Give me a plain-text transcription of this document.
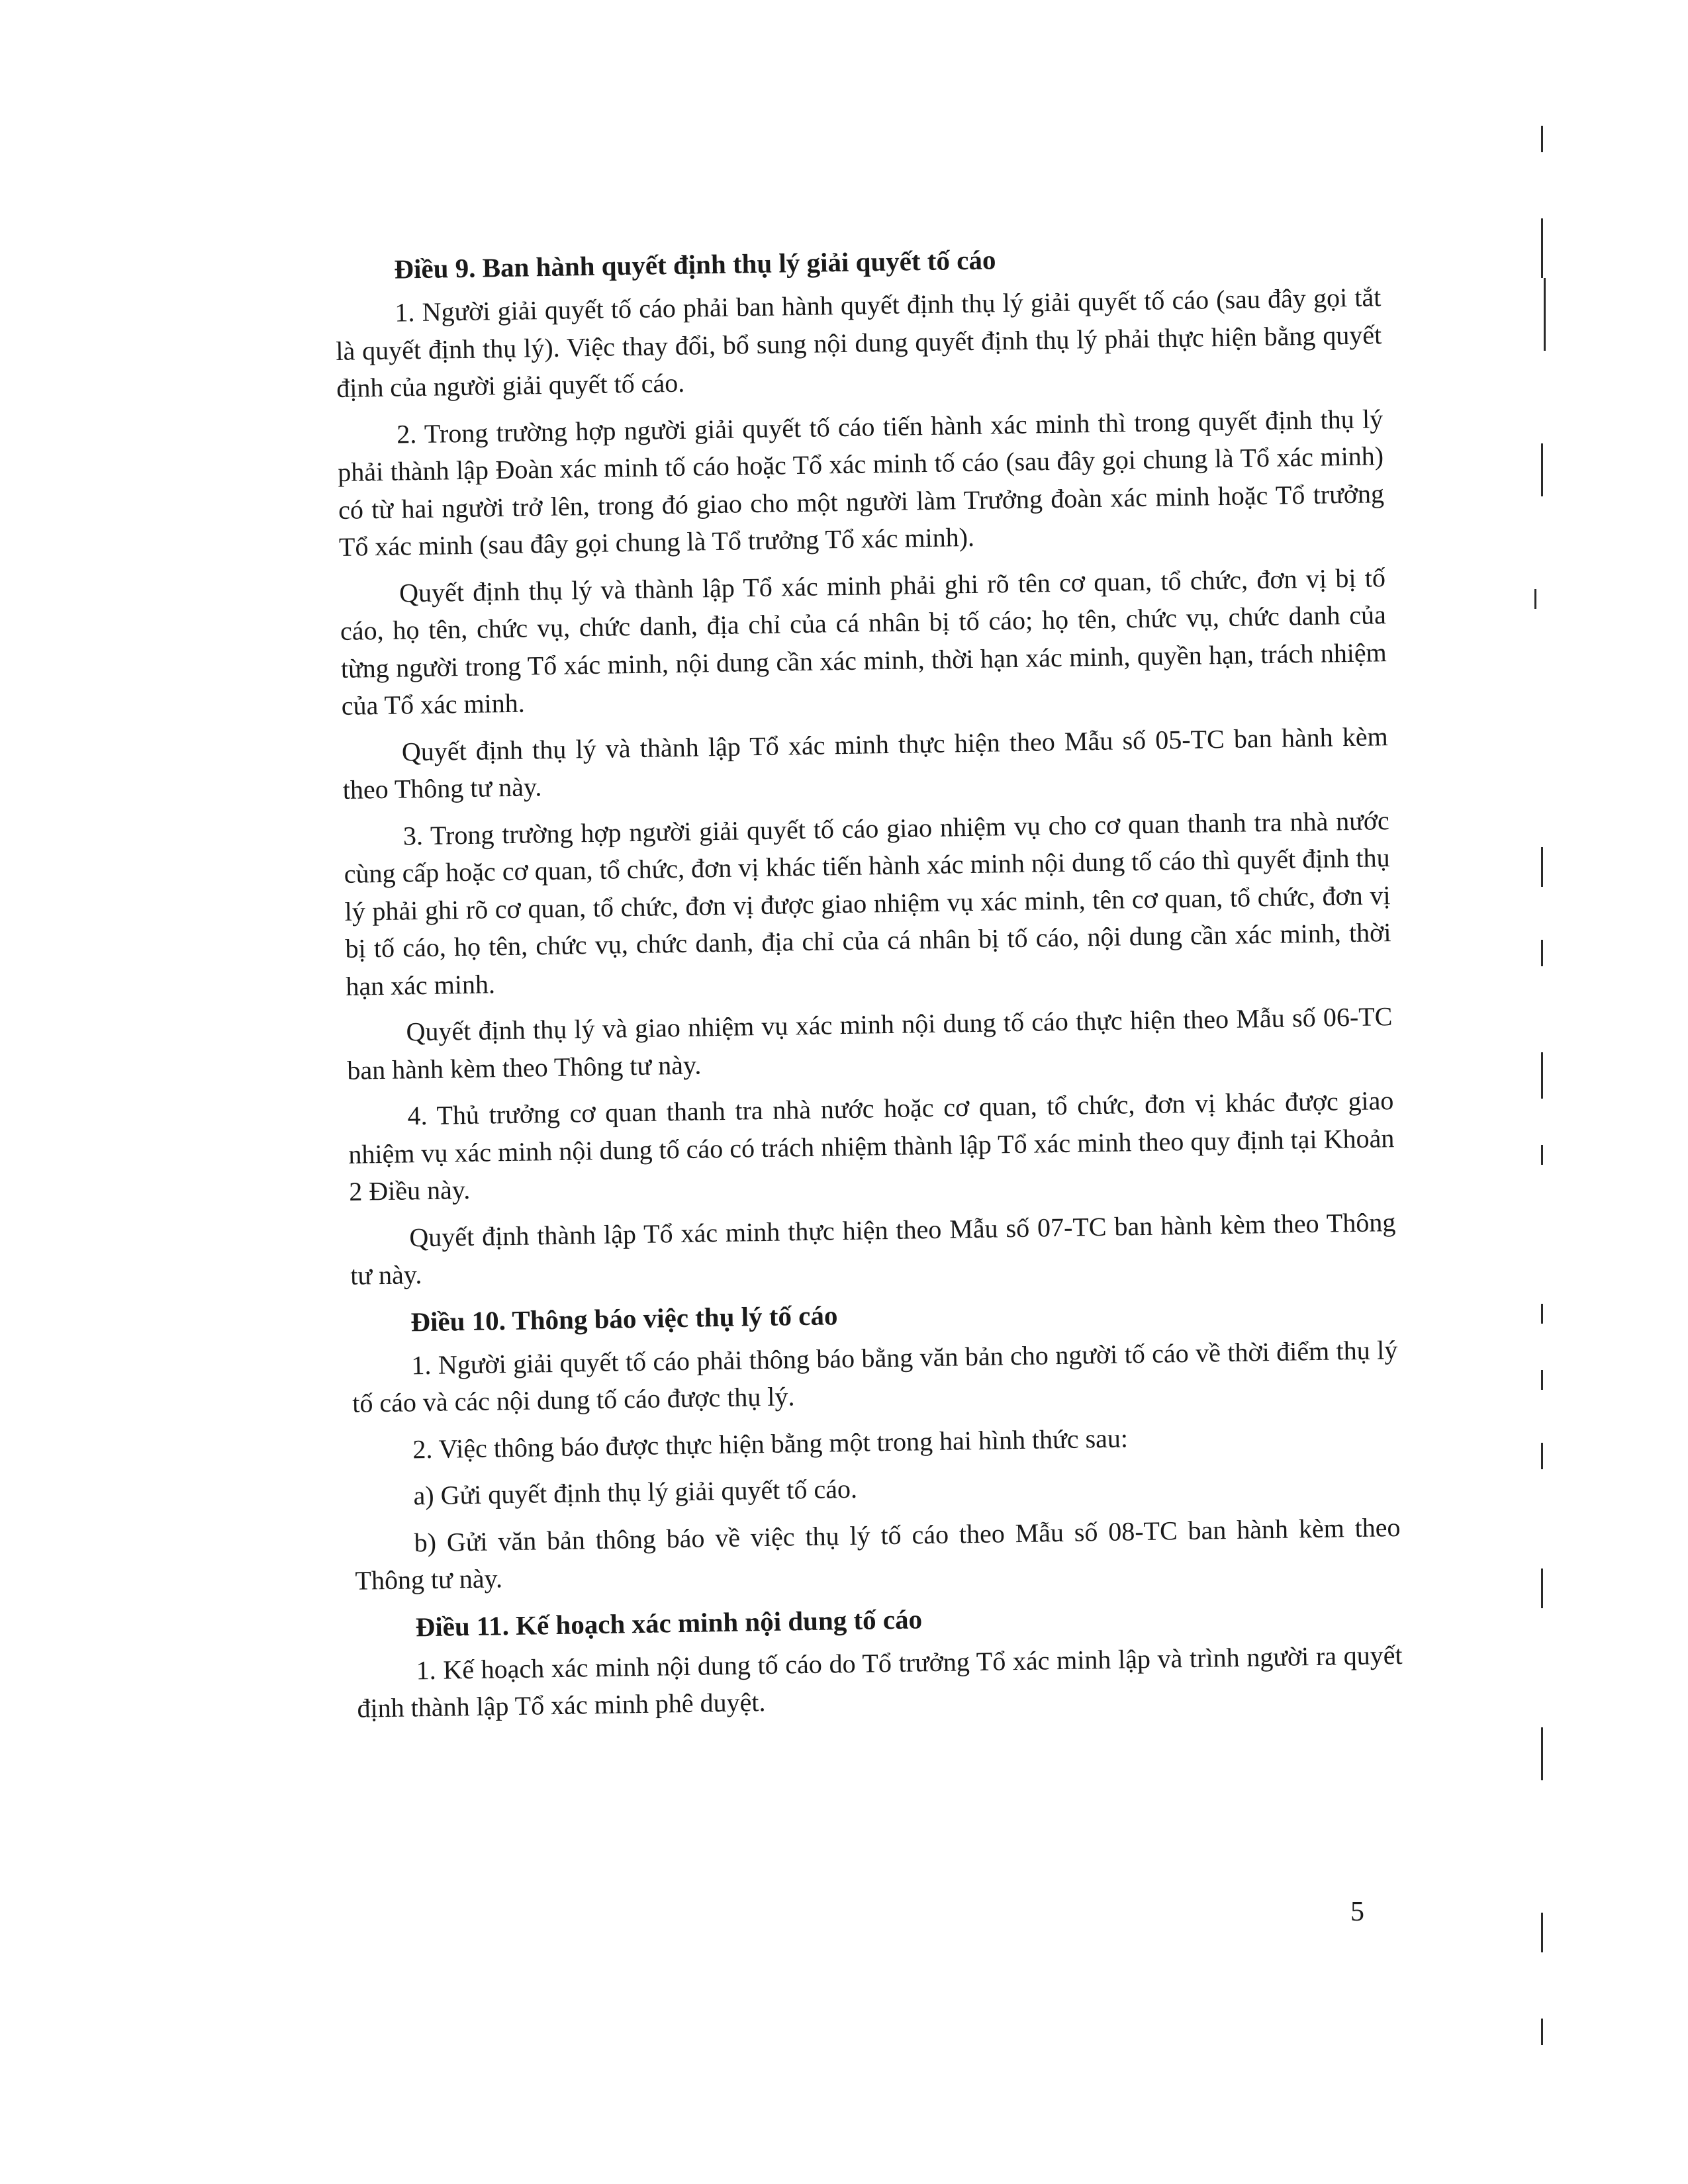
Điều 9. Ban hành quyết định thụ lý giải quyết tố cáo

1. Người giải quyết tố cáo phải ban hành quyết định thụ lý giải quyết tố cáo (sau đây gọi tắt là quyết định thụ lý). Việc thay đổi, bổ sung nội dung quyết định thụ lý phải thực hiện bằng quyết định của người giải quyết tố cáo.

2. Trong trường hợp người giải quyết tố cáo tiến hành xác minh thì trong quyết định thụ lý phải thành lập Đoàn xác minh tố cáo hoặc Tổ xác minh tố cáo (sau đây gọi chung là Tổ xác minh) có từ hai người trở lên, trong đó giao cho một người làm Trưởng đoàn xác minh hoặc Tổ trưởng Tổ xác minh (sau đây gọi chung là Tổ trưởng Tổ xác minh).

Quyết định thụ lý và thành lập Tổ xác minh phải ghi rõ tên cơ quan, tổ chức, đơn vị bị tố cáo, họ tên, chức vụ, chức danh, địa chỉ của cá nhân bị tố cáo; họ tên, chức vụ, chức danh của từng người trong Tổ xác minh, nội dung cần xác minh, thời hạn xác minh, quyền hạn, trách nhiệm của Tổ xác minh.

Quyết định thụ lý và thành lập Tổ xác minh thực hiện theo Mẫu số 05-TC ban hành kèm theo Thông tư này.

3. Trong trường hợp người giải quyết tố cáo giao nhiệm vụ cho cơ quan thanh tra nhà nước cùng cấp hoặc cơ quan, tổ chức, đơn vị khác tiến hành xác minh nội dung tố cáo thì quyết định thụ lý phải ghi rõ cơ quan, tổ chức, đơn vị được giao nhiệm vụ xác minh, tên cơ quan, tổ chức, đơn vị bị tố cáo, họ tên, chức vụ, chức danh, địa chỉ của cá nhân bị tố cáo, nội dung cần xác minh, thời hạn xác minh.

Quyết định thụ lý và giao nhiệm vụ xác minh nội dung tố cáo thực hiện theo Mẫu số 06-TC ban hành kèm theo Thông tư này.

4. Thủ trưởng cơ quan thanh tra nhà nước hoặc cơ quan, tổ chức, đơn vị khác được giao nhiệm vụ xác minh nội dung tố cáo có trách nhiệm thành lập Tổ xác minh theo quy định tại Khoản 2 Điều này.

Quyết định thành lập Tổ xác minh thực hiện theo Mẫu số 07-TC ban hành kèm theo Thông tư này.

Điều 10. Thông báo việc thụ lý tố cáo

1. Người giải quyết tố cáo phải thông báo bằng văn bản cho người tố cáo về thời điểm thụ lý tố cáo và các nội dung tố cáo được thụ lý.

2. Việc thông báo được thực hiện bằng một trong hai hình thức sau:

a) Gửi quyết định thụ lý giải quyết tố cáo.

b) Gửi văn bản thông báo về việc thụ lý tố cáo theo Mẫu số 08-TC ban hành kèm theo Thông tư này.

Điều 11. Kế hoạch xác minh nội dung tố cáo

1. Kế hoạch xác minh nội dung tố cáo do Tổ trưởng Tổ xác minh lập và trình người ra quyết định thành lập Tổ xác minh phê duyệt.

5
